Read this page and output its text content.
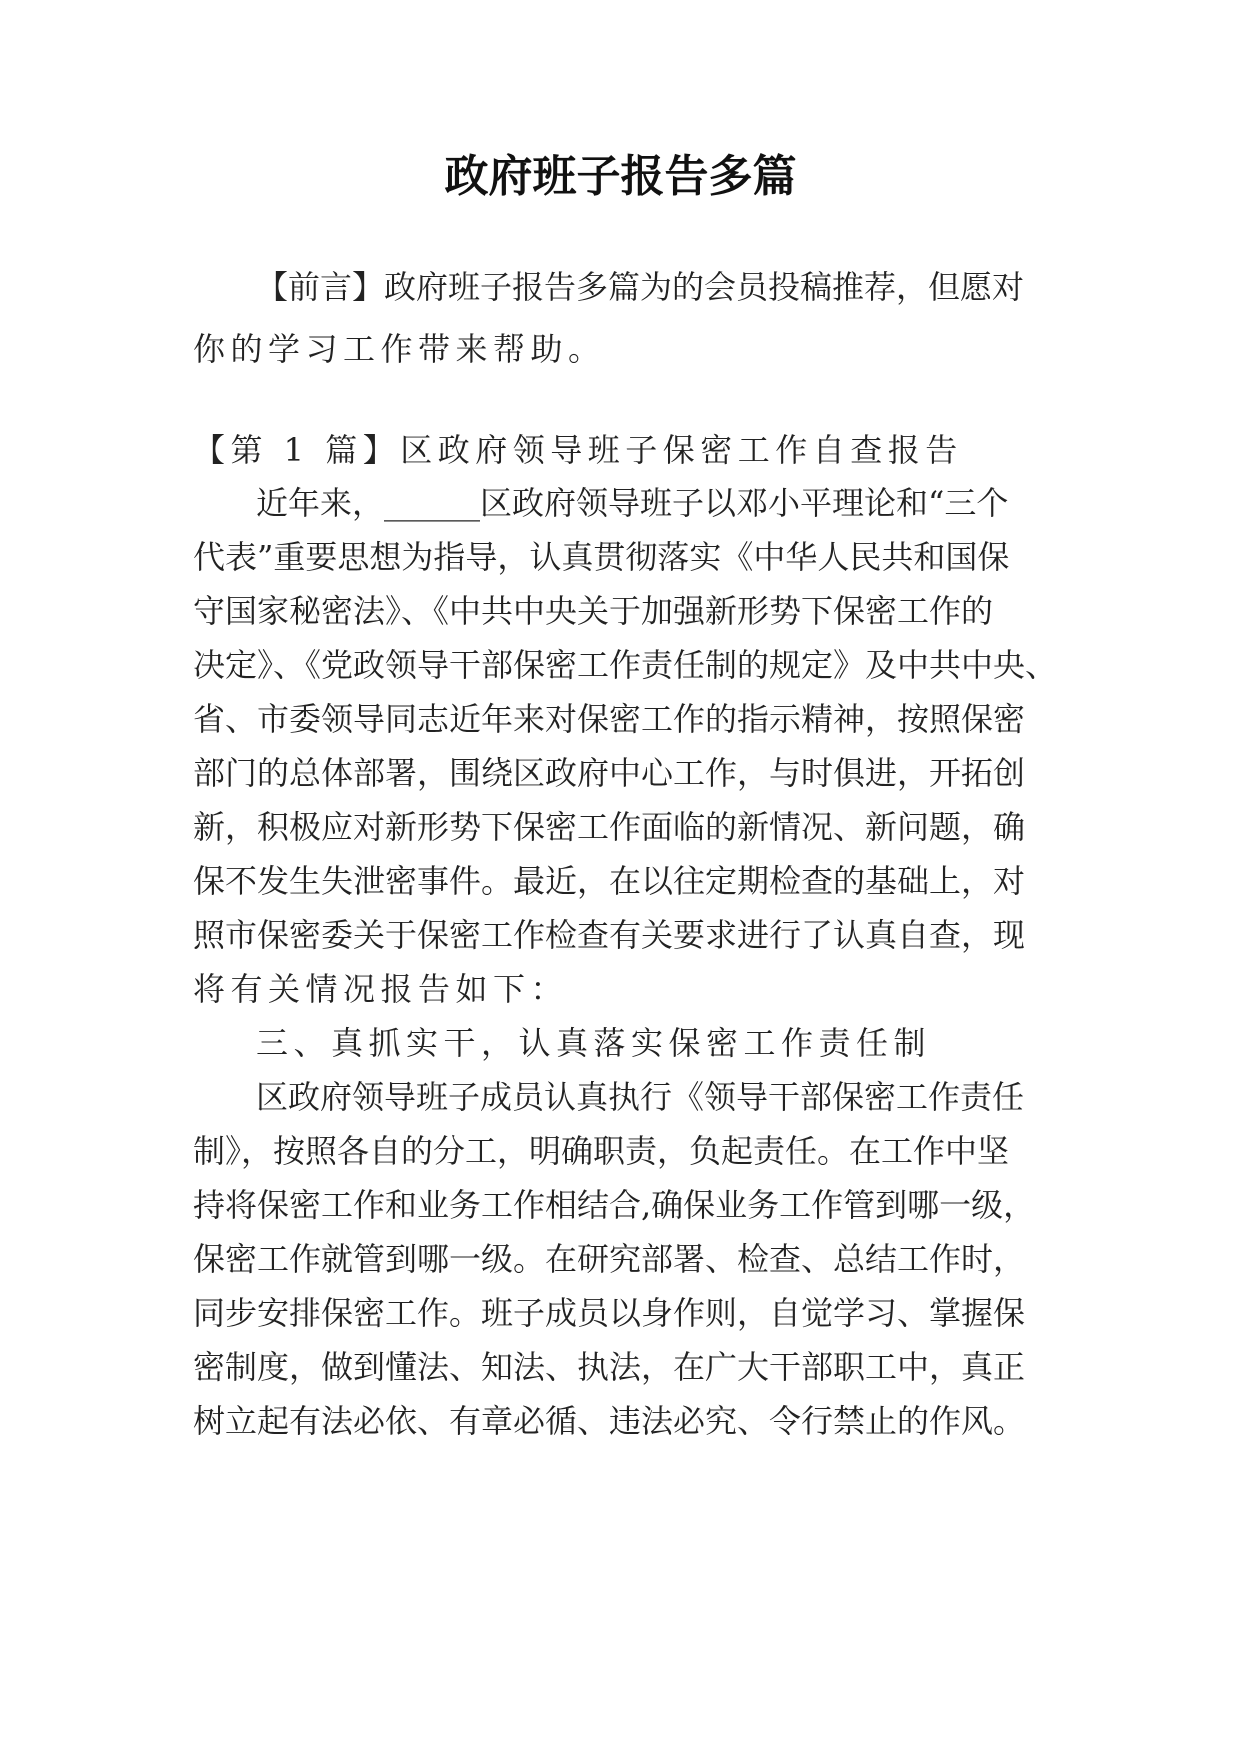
政府班子报告多篇
【前言】政府班子报告多篇为的会员投稿推荐，但愿对
你的学习工作带来帮助。
【第 1 篇】区政府领导班子保密工作自查报告
近年来，______区政府领导班子以邓小平理论和“三个
代表”重要思想为指导，认真贯彻落实《中华人民共和国保
守国家秘密法》、《中共中央关于加强新形势下保密工作的
决定》、《党政领导干部保密工作责任制的规定》及中共中央、
省、市委领导同志近年来对保密工作的指示精神，按照保密
部门的总体部署，围绕区政府中心工作，与时俱进，开拓创
新，积极应对新形势下保密工作面临的新情况、新问题，确
保不发生失泄密事件。最近，在以往定期检查的基础上，对
照市保密委关于保密工作检查有关要求进行了认真自查，现
将有关情况报告如下：
三、真抓实干，认真落实保密工作责任制
区政府领导班子成员认真执行《领导干部保密工作责任
制》，按照各自的分工，明确职责，负起责任。在工作中坚
持将保密工作和业务工作相结合,确保业务工作管到哪一级，
保密工作就管到哪一级。在研究部署、检查、总结工作时，
同步安排保密工作。班子成员以身作则，自觉学习、掌握保
密制度，做到懂法、知法、执法，在广大干部职工中，真正
树立起有法必依、有章必循、违法必究、令行禁止的作风。
